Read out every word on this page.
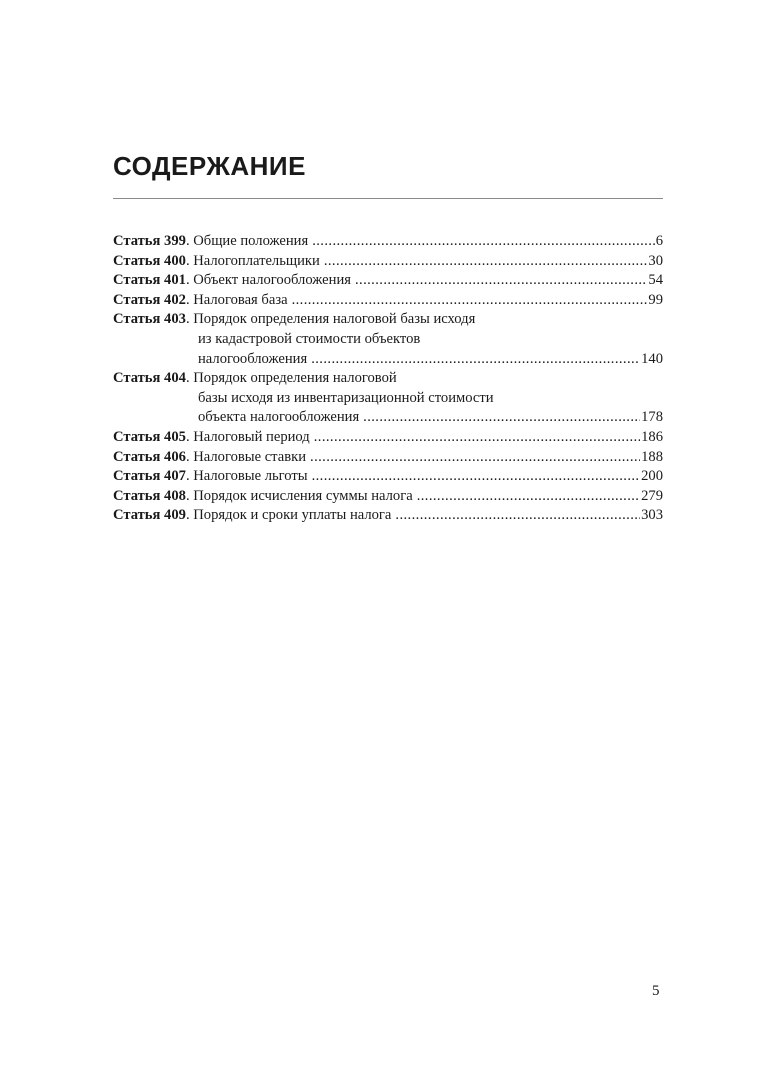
СОДЕРЖАНИЕ
Статья 399 . Общие положения .....	6
Статья 400 . Налогоплательщики .....	30
Статья 401 . Объект налогообложения .....	54
Статья 402 . Налоговая база .....	99
Статья 403 . Порядок определения налоговой базы исходя
из кадастровой стоимости объектов
налогообложения .....	140
Статья 404 . Порядок определения налоговой
базы исходя из инвентаризационной стоимости
объекта налогообложения .....	178
Статья 405 . Налоговый период .....	186
Статья 406 . Налоговые ставки .....	188
Статья 407 . Налоговые льготы .....	200
Статья 408 . Порядок исчисления суммы налога .....	279
Статья 409 . Порядок и сроки уплаты налога .....	303
5
